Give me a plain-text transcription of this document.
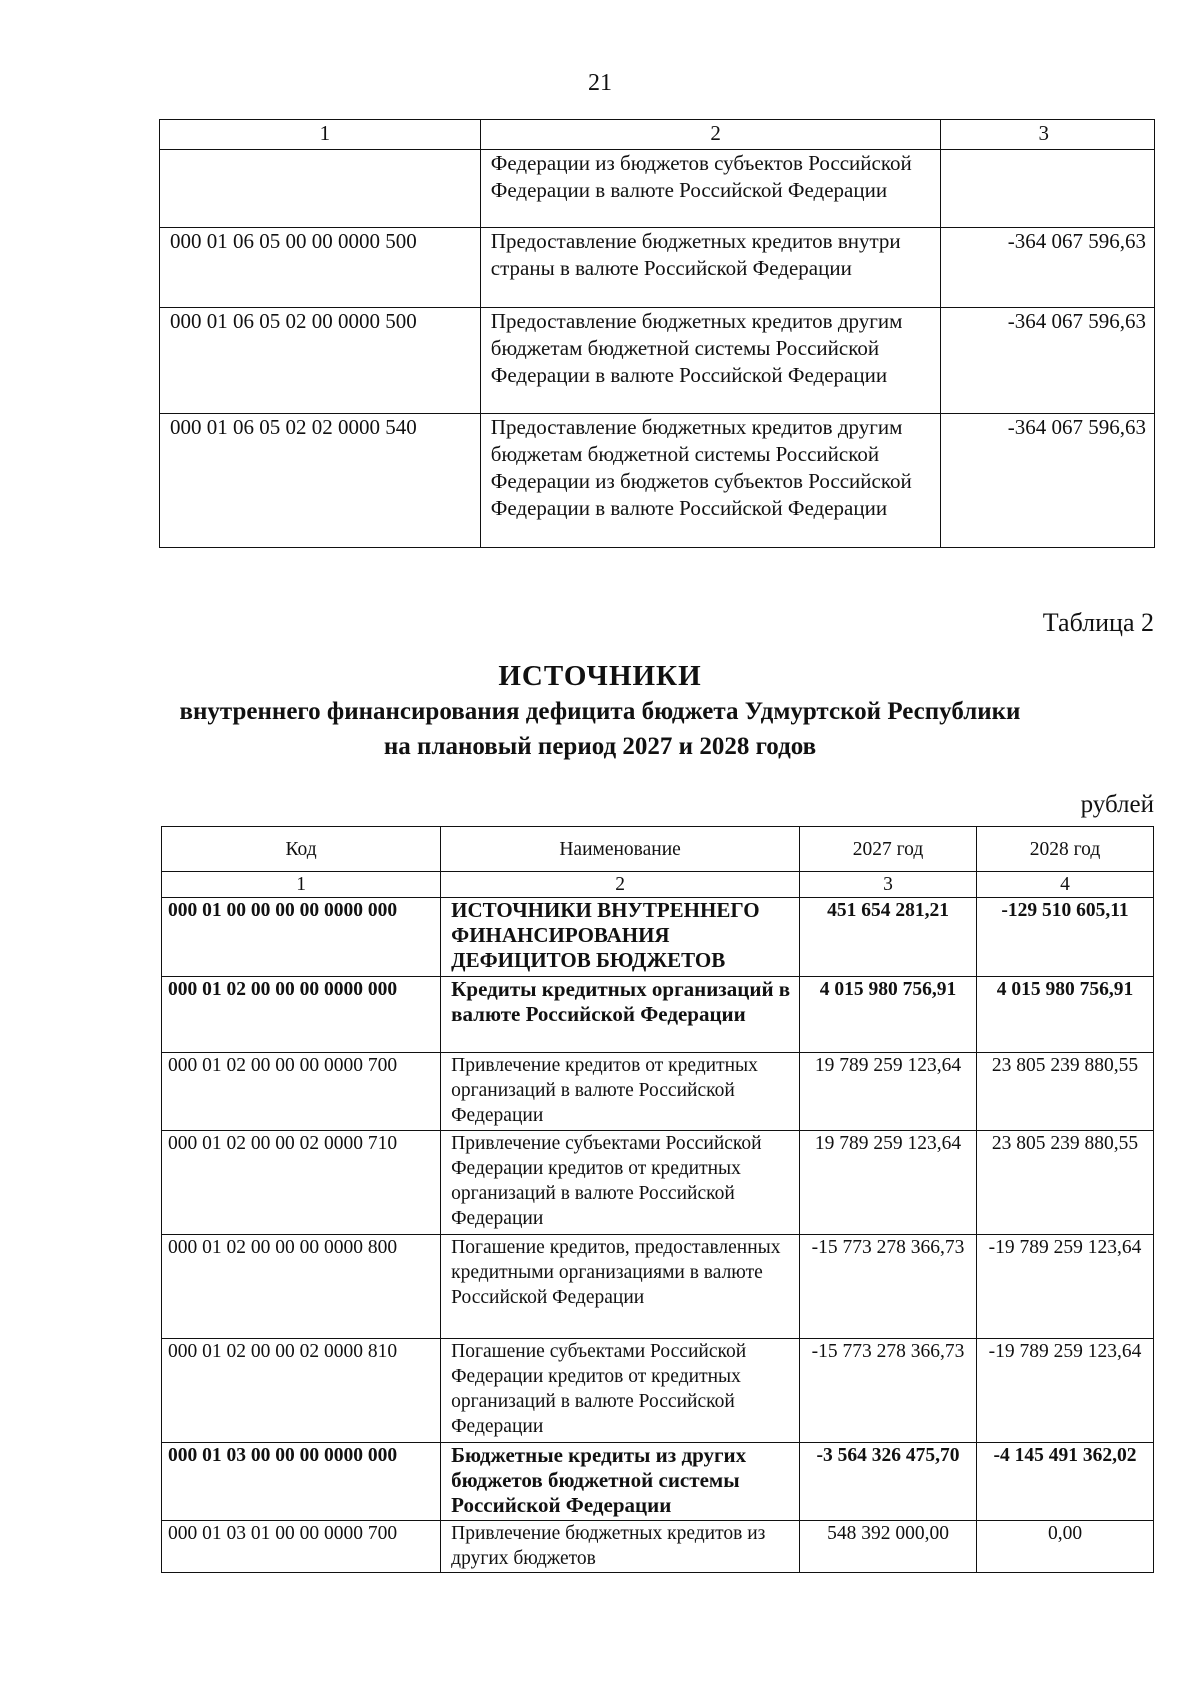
21
1	2	3
	Федерации из бюджетов субъектов Российской Федерации в валюте Российской Федерации	
000 01 06 05 00 00 0000 500	Предоставление бюджетных кредитов внутри страны в валюте Российской Федерации	-364 067 596,63
000 01 06 05 02 00 0000 500	Предоставление бюджетных кредитов другим бюджетам бюджетной системы Российской Федерации в валюте Российской Федерации	-364 067 596,63
000 01 06 05 02 02 0000 540	Предоставление бюджетных кредитов другим бюджетам бюджетной системы Российской Федерации из бюджетов субъектов Российской Федерации в валюте Российской Федерации	-364 067 596,63
Таблица 2
ИСТОЧНИКИ
внутреннего финансирования дефицита бюджета Удмуртской Республики
на плановый период 2027 и 2028 годов
рублей
Код	Наименование	2027 год	2028 год
1	2	3	4
000 01 00 00 00 00 0000 000	ИСТОЧНИКИ ВНУТРЕННЕГО ФИНАНСИРОВАНИЯ ДЕФИЦИТОВ БЮДЖЕТОВ	451 654 281,21	-129 510 605,11
000 01 02 00 00 00 0000 000	Кредиты кредитных организаций в валюте Российской Федерации	4 015 980 756,91	4 015 980 756,91
000 01 02 00 00 00 0000 700	Привлечение кредитов от кредитных организаций в валюте Российской Федерации	19 789 259 123,64	23 805 239 880,55
000 01 02 00 00 02 0000 710	Привлечение субъектами Российской Федерации кредитов от кредитных организаций в валюте Российской Федерации	19 789 259 123,64	23 805 239 880,55
000 01 02 00 00 00 0000 800	Погашение кредитов, предоставленных кредитными организациями в валюте Российской Федерации	-15 773 278 366,73	-19 789 259 123,64
000 01 02 00 00 02 0000 810	Погашение субъектами Российской Федерации кредитов от кредитных организаций в валюте Российской Федерации	-15 773 278 366,73	-19 789 259 123,64
000 01 03 00 00 00 0000 000	Бюджетные кредиты из других бюджетов бюджетной системы Российской Федерации	-3 564 326 475,70	-4 145 491 362,02
000 01 03 01 00 00 0000 700	Привлечение бюджетных кредитов из других бюджетов	548 392 000,00	0,00
